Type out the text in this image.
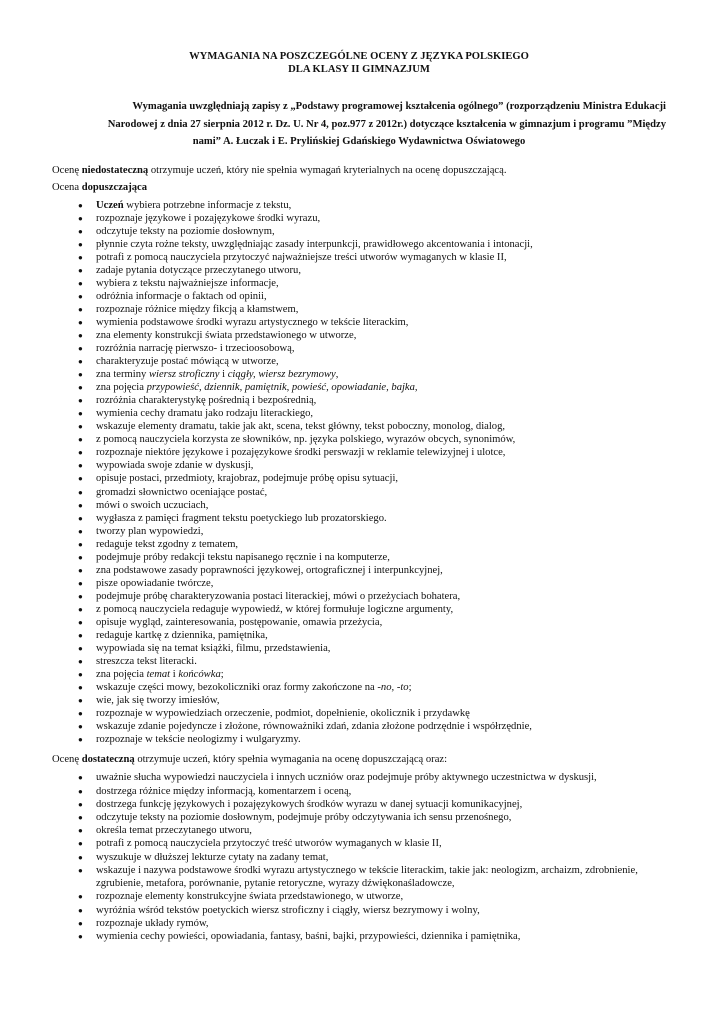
WYMAGANIA NA POSZCZEGÓLNE OCENY Z JĘZYKA POLSKIEGO
DLA KLASY II GIMNAZJUM
Wymagania uwzględniają zapisy z „Podstawy programowej kształcenia ogólnego” (rozporządzeniu Ministra Edukacji
Narodowej z dnia 27 sierpnia 2012 r. Dz. U. Nr 4, poz.977 z 2012r.) dotyczące kształcenia w gimnazjum i programu ”Między
nami” A. Łuczak i E. Pryliński​ej Gdańskiego Wydawnictwa Oświatowego
Ocenę niedostateczną otrzymuje uczeń, który nie spełnia wymagań kryterialnych na ocenę dopuszczającą.
Ocena dopuszczająca
● Uczeń wybiera potrzebne informacje z tekstu,
● rozpoznaje językowe i pozajęzykowe środki wyrazu,
● odczytuje teksty na poziomie dosłownym,
● płynnie czyta rożne teksty, uwzględniając zasady interpunkcji, prawidłowego akcentowania i intonacji,
● potrafi z pomocą nauczyciela przytoczyć najważniejsze treści utworów wymaganych w klasie II,
● zadaje pytania dotyczące przeczytanego utworu,
● wybiera z tekstu najważniejsze informacje,
● odróżnia informacje o faktach od opinii,
● rozpoznaje różnice między fikcją a kłamstwem,
● wymienia podstawowe środki wyrazu artystycznego w tekście literackim,
● zna elementy konstrukcji świata przedstawionego w utworze,
● rozróżnia narrację pierwszo- i trzecioosobową,
● charakteryzuje postać mówiącą w utworze,
● zna terminy wiersz stroficzny i ciągły, wiersz bezrymowy,
● zna pojęcia przypowieść, dziennik, pamiętnik, powieść, opowiadanie, bajka,
● rozróżnia charakterystykę pośrednią i bezpośrednią,
● wymienia cechy dramatu jako rodzaju literackiego,
● wskazuje elementy dramatu, takie jak akt, scena, tekst główny, tekst poboczny, monolog, dialog,
● z pomocą nauczyciela korzysta ze słowników, np. języka polskiego, wyrazów obcych, synonimów,
● rozpoznaje niektóre językowe i pozajęzykowe środki perswazji w reklamie telewizyjnej i ulotce,
● wypowiada swoje zdanie w dyskusji,
● opisuje postaci, przedmioty, krajobraz, podejmuje próbę opisu sytuacji,
● gromadzi słownictwo oceniające postać,
● mówi o swoich uczuciach,
● wygłasza z pamięci fragment tekstu poetyckiego lub prozatorskiego.
● tworzy plan wypowiedzi,
● redaguje tekst zgodny z tematem,
● podejmuje próby redakcji tekstu napisanego ręcznie i na komputerze,
● zna podstawowe zasady poprawności językowej, ortograficznej i interpunkcyjnej,
● pisze opowiadanie twórcze,
● podejmuje próbę charakteryzowania postaci literackiej, mówi o przeżyciach bohatera,
● z pomocą nauczyciela redaguje wypowiedź, w której formułuje logiczne argumenty,
● opisuje wygląd, zainteresowania, postępowanie, omawia przeżycia,
● redaguje kartkę z dziennika, pamiętnika,
● wypowiada się na temat książki, filmu, przedstawienia,
● streszcza tekst literacki.
● zna pojęcia temat i końcówka;
● wskazuje części mowy, bezokoliczniki oraz formy zakończone na -no, -to;
● wie, jak się tworzy imiesłów,
● rozpoznaje w wypowiedziach orzeczenie, podmiot, dopełnienie, okolicznik i przydawkę
● wskazuje zdanie pojedyncze i złożone, równoważniki zdań, zdania złożone podrzędnie i współrzędnie,
● rozpoznaje w tekście neologizmy i wulgaryzmy.
Ocenę dostateczną otrzymuje uczeń, który spełnia wymagania na ocenę dopuszczającą oraz:
● uważnie słucha wypowiedzi nauczyciela i innych uczniów oraz podejmuje próby aktywnego uczestnictwa w dyskusji,
● dostrzega różnice między informacją, komentarzem i oceną,
● dostrzega funkcję językowych i pozajęzykowych środków wyrazu w danej sytuacji komunikacyjnej,
● odczytuje teksty na poziomie dosłownym, podejmuje próby odczytywania ich sensu przenośnego,
● określa temat przeczytanego utworu,
● potrafi z pomocą nauczyciela przytoczyć treść utworów wymaganych w klasie II,
● wyszukuje w dłuższej lekturze cytaty na zadany temat,
● wskazuje i nazywa podstawowe środki wyrazu artystycznego w tekście literackim, takie jak: neologizm, archaizm, zdrobnienie,
zgrubienie, metafora, porównanie, pytanie retoryczne, wyrazy dźwiękonaśladowcze,
● rozpoznaje elementy konstrukcyjne świata przedstawionego, w utworze,
● wyróżnia wśród tekstów poetyckich wiersz stroficzny i ciągły, wiersz bezrymowy i wolny,
● rozpoznaje układy rymów,
● wymienia cechy powieści, opowiadania, fantasy, baśni, bajki, przypowieści, dziennika i pamiętnika,
